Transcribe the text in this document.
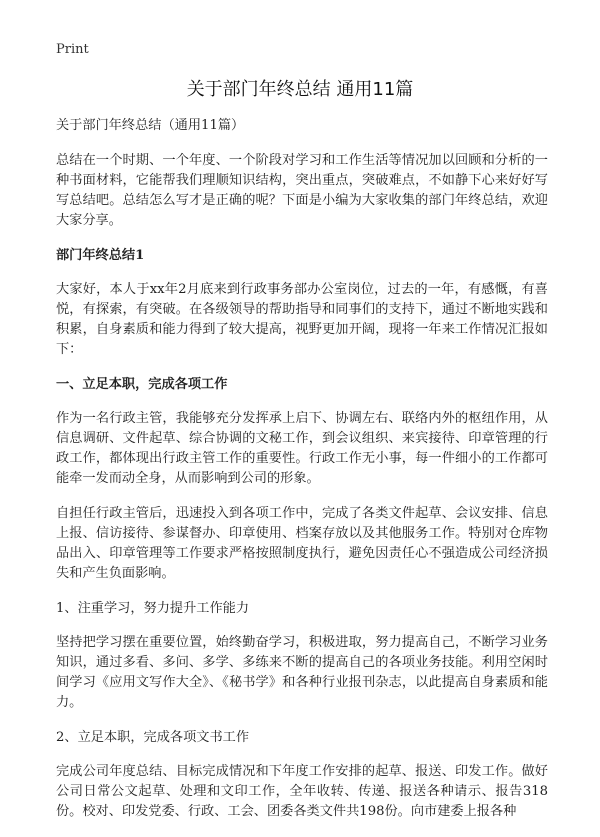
Print
关于部门年终总结 通用11篇

关于部门年终总结（通用11篇）

总结在一个时期、一个年度、一个阶段对学习和工作生活等情况加以回顾和分析的一种书面材料，它能帮我们理顺知识结构，突出重点，突破难点，不如静下心来好好写写总结吧。总结怎么写才是正确的呢？下面是小编为大家收集的部门年终总结，欢迎大家分享。

部门年终总结1

大家好，本人于xx年2月底来到行政事务部办公室岗位，过去的一年，有感慨，有喜悦，有探索，有突破。在各级领导的帮助指导和同事们的支持下，通过不断地实践和积累，自身素质和能力得到了较大提高，视野更加开阔，现将一年来工作情况汇报如下：

一、立足本职，完成各项工作

作为一名行政主管，我能够充分发挥承上启下、协调左右、联络内外的枢纽作用，从信息调研、文件起草、综合协调的文秘工作，到会议组织、来宾接待、印章管理的行政工作，都体现出行政主管工作的重要性。行政工作无小事，每一件细小的工作都可能牵一发而动全身，从而影响到公司的形象。

自担任行政主管后，迅速投入到各项工作中，完成了各类文件起草、会议安排、信息上报、信访接待、参谋督办、印章使用、档案存放以及其他服务工作。特别对仓库物品出入、印章管理等工作要求严格按照制度执行，避免因责任心不强造成公司经济损失和产生负面影响。

1、注重学习，努力提升工作能力

坚持把学习摆在重要位置，始终勤奋学习，积极进取，努力提高自己，不断学习业务知识，通过多看、多问、多学、多练来不断的提高自己的各项业务技能。利用空闲时间学习《应用文写作大全》、《秘书学》和各种行业报刊杂志，以此提高自身素质和能力。

2、立足本职，完成各项文书工作

完成公司年度总结、目标完成情况和下年度工作安排的起草、报送、印发工作。做好公司日常公文起草、处理和文印工作，全年收转、传递、报送各种请示、报告318份。校对、印发党委、行政、工会、团委各类文件共198份。向市建委上报各种
